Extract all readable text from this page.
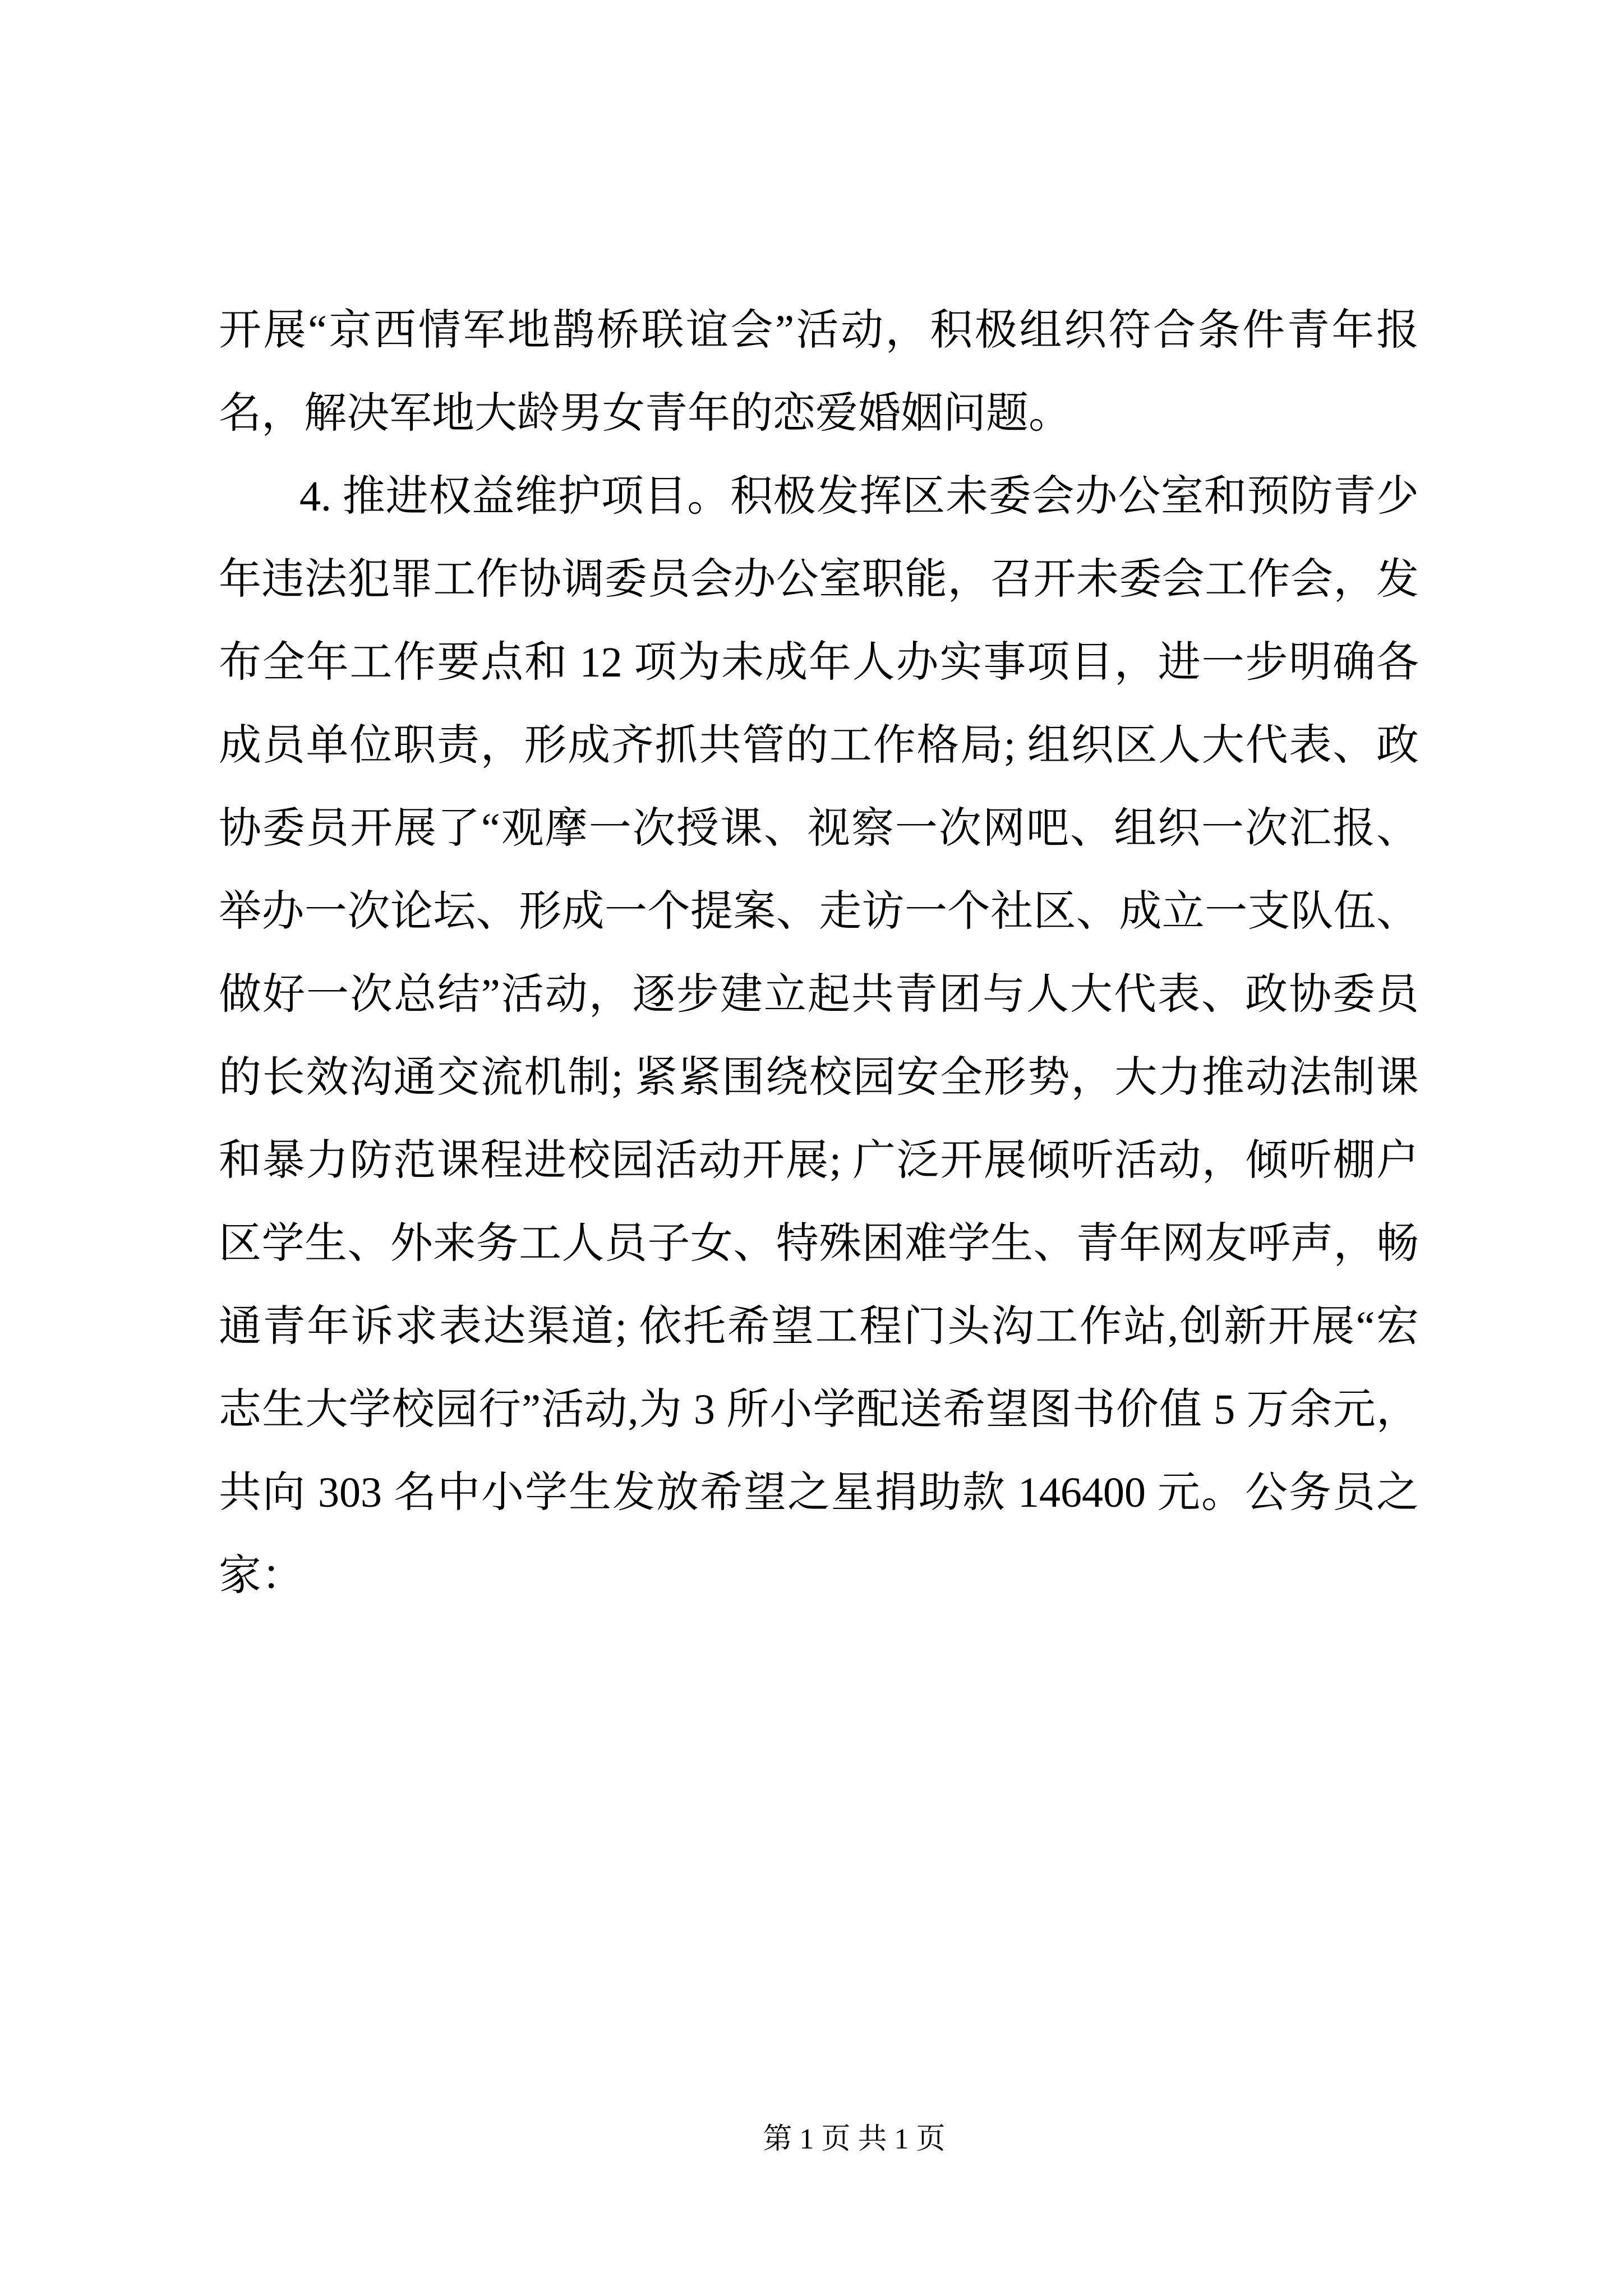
开展“京西情军地鹊桥联谊会”活动，积极组织符合条件青年报
名，解决军地大龄男女青年的恋爱婚姻问题。
4. 推进权益维护项目。积极发挥区未委会办公室和预防青少
年违法犯罪工作协调委员会办公室职能，召开未委会工作会，发
布全年工作要点和 12 项为未成年人办实事项目，进一步明确各
成员单位职责，形成齐抓共管的工作格局; 组织区人大代表、政
协委员开展了“观摩一次授课、视察一次网吧、组织一次汇报、
举办一次论坛、形成一个提案、走访一个社区、成立一支队伍、
做好一次总结”活动，逐步建立起共青团与人大代表、政协委员
的长效沟通交流机制; 紧紧围绕校园安全形势，大力推动法制课
和暴力防范课程进校园活动开展; 广泛开展倾听活动，倾听棚户
区学生、外来务工人员子女、特殊困难学生、青年网友呼声，畅
通青年诉求表达渠道; 依托希望工程门头沟工作站,创新开展“宏
志生大学校园行”活动,为 3 所小学配送希望图书价值 5 万余元，
共向 303 名中小学生发放希望之星捐助款 146400 元。公务员之
家：
第 1 页 共 1 页
